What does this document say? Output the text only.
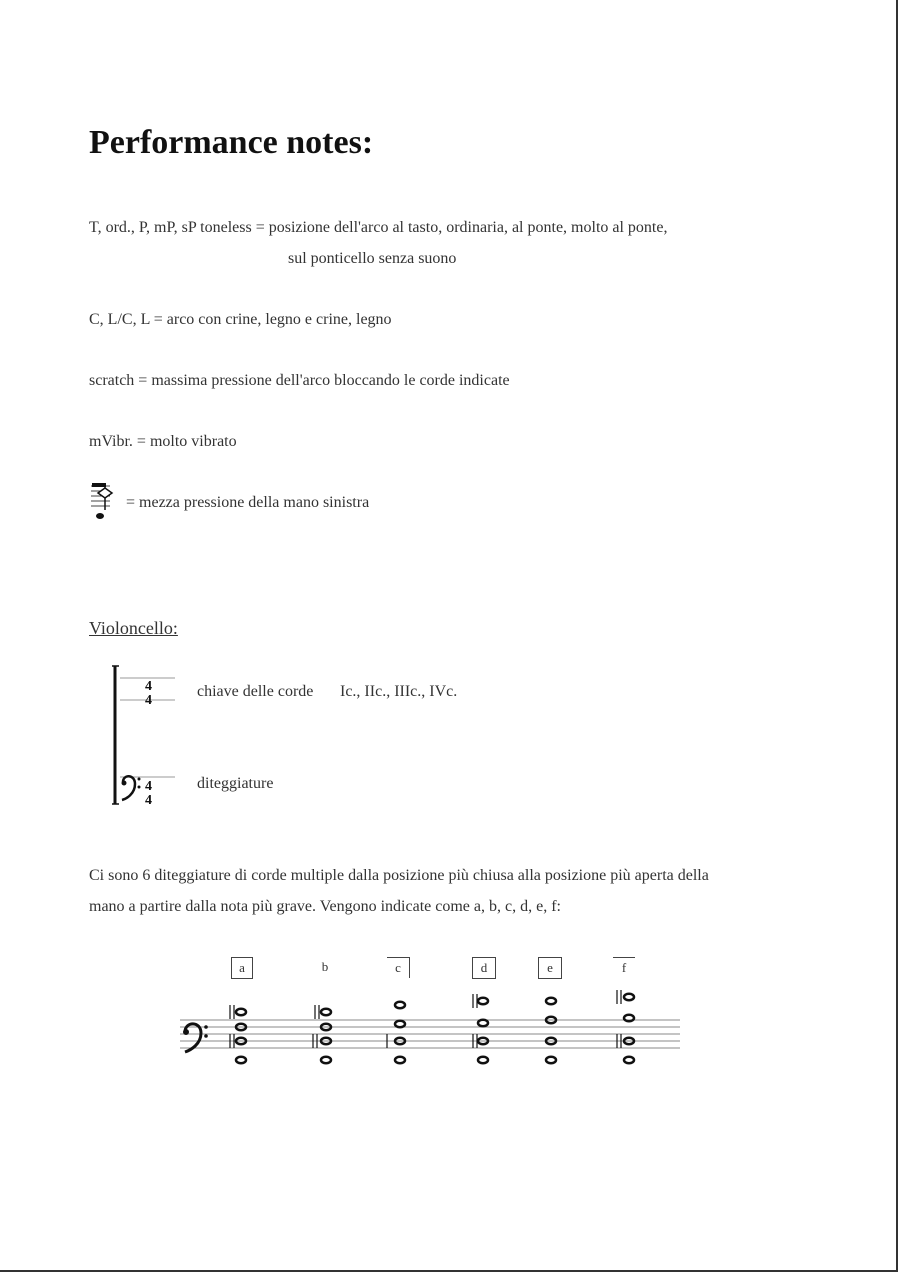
Performance notes:
T, ord., P, mP, sP toneless = posizione dell'arco al tasto, ordinaria, al ponte, molto al ponte,
sul ponticello senza suono
C, L/C, L = arco con crine, legno e crine, legno
scratch = massima pressione dell'arco bloccando le corde indicate
mVibr. = molto vibrato
= mezza pressione della mano sinistra
Violoncello:
4
4
4
4
chiave delle corde Ic., IIc., IIIc., IVc.
diteggiature
Ci sono 6 diteggiature di corde multiple dalla posizione più chiusa alla posizione più aperta della
mano a partire dalla nota più grave. Vengono indicate come a, b, c, d, e, f:
a	b	c	d	e	f
